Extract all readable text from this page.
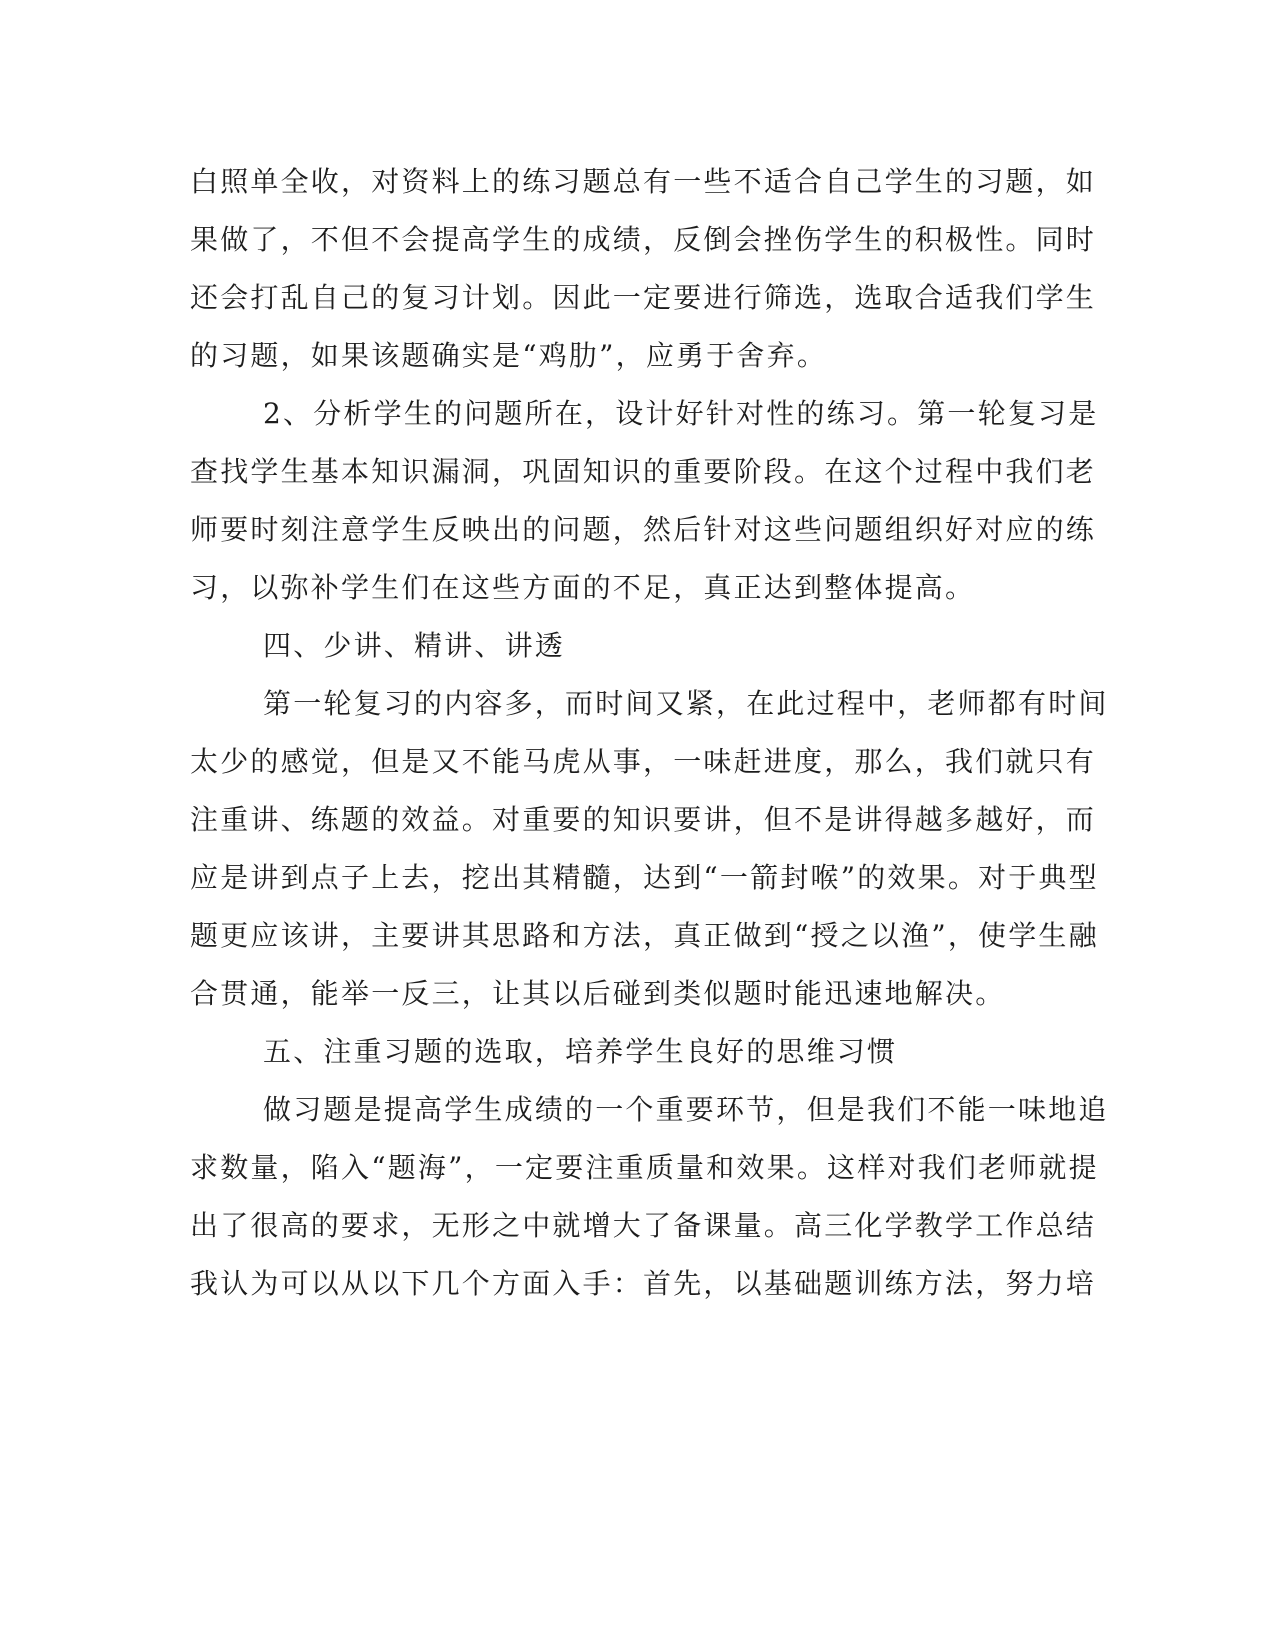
白照单全收，对资料上的练习题总有一些不适合自己学生的习题，如
果做了，不但不会提高学生的成绩，反倒会挫伤学生的积极性。同时
还会打乱自己的复习计划。因此一定要进行筛选，选取合适我们学生
的习题，如果该题确实是“鸡肋”，应勇于舍弃。
2、分析学生的问题所在，设计好针对性的练习。第一轮复习是
查找学生基本知识漏洞，巩固知识的重要阶段。在这个过程中我们老
师要时刻注意学生反映出的问题，然后针对这些问题组织好对应的练
习，以弥补学生们在这些方面的不足，真正达到整体提高。
四、少讲、精讲、讲透
第一轮复习的内容多，而时间又紧，在此过程中，老师都有时间
太少的感觉，但是又不能马虎从事，一味赶进度，那么，我们就只有
注重讲、练题的效益。对重要的知识要讲，但不是讲得越多越好，而
应是讲到点子上去，挖出其精髓，达到“一箭封喉”的效果。对于典型
题更应该讲，主要讲其思路和方法，真正做到“授之以渔”，使学生融
合贯通，能举一反三，让其以后碰到类似题时能迅速地解决。
五、注重习题的选取，培养学生良好的思维习惯
做习题是提高学生成绩的一个重要环节，但是我们不能一味地追
求数量，陷入“题海”，一定要注重质量和效果。这样对我们老师就提
出了很高的要求，无形之中就增大了备课量。高三化学教学工作总结
我认为可以从以下几个方面入手：首先，以基础题训练方法，努力培
